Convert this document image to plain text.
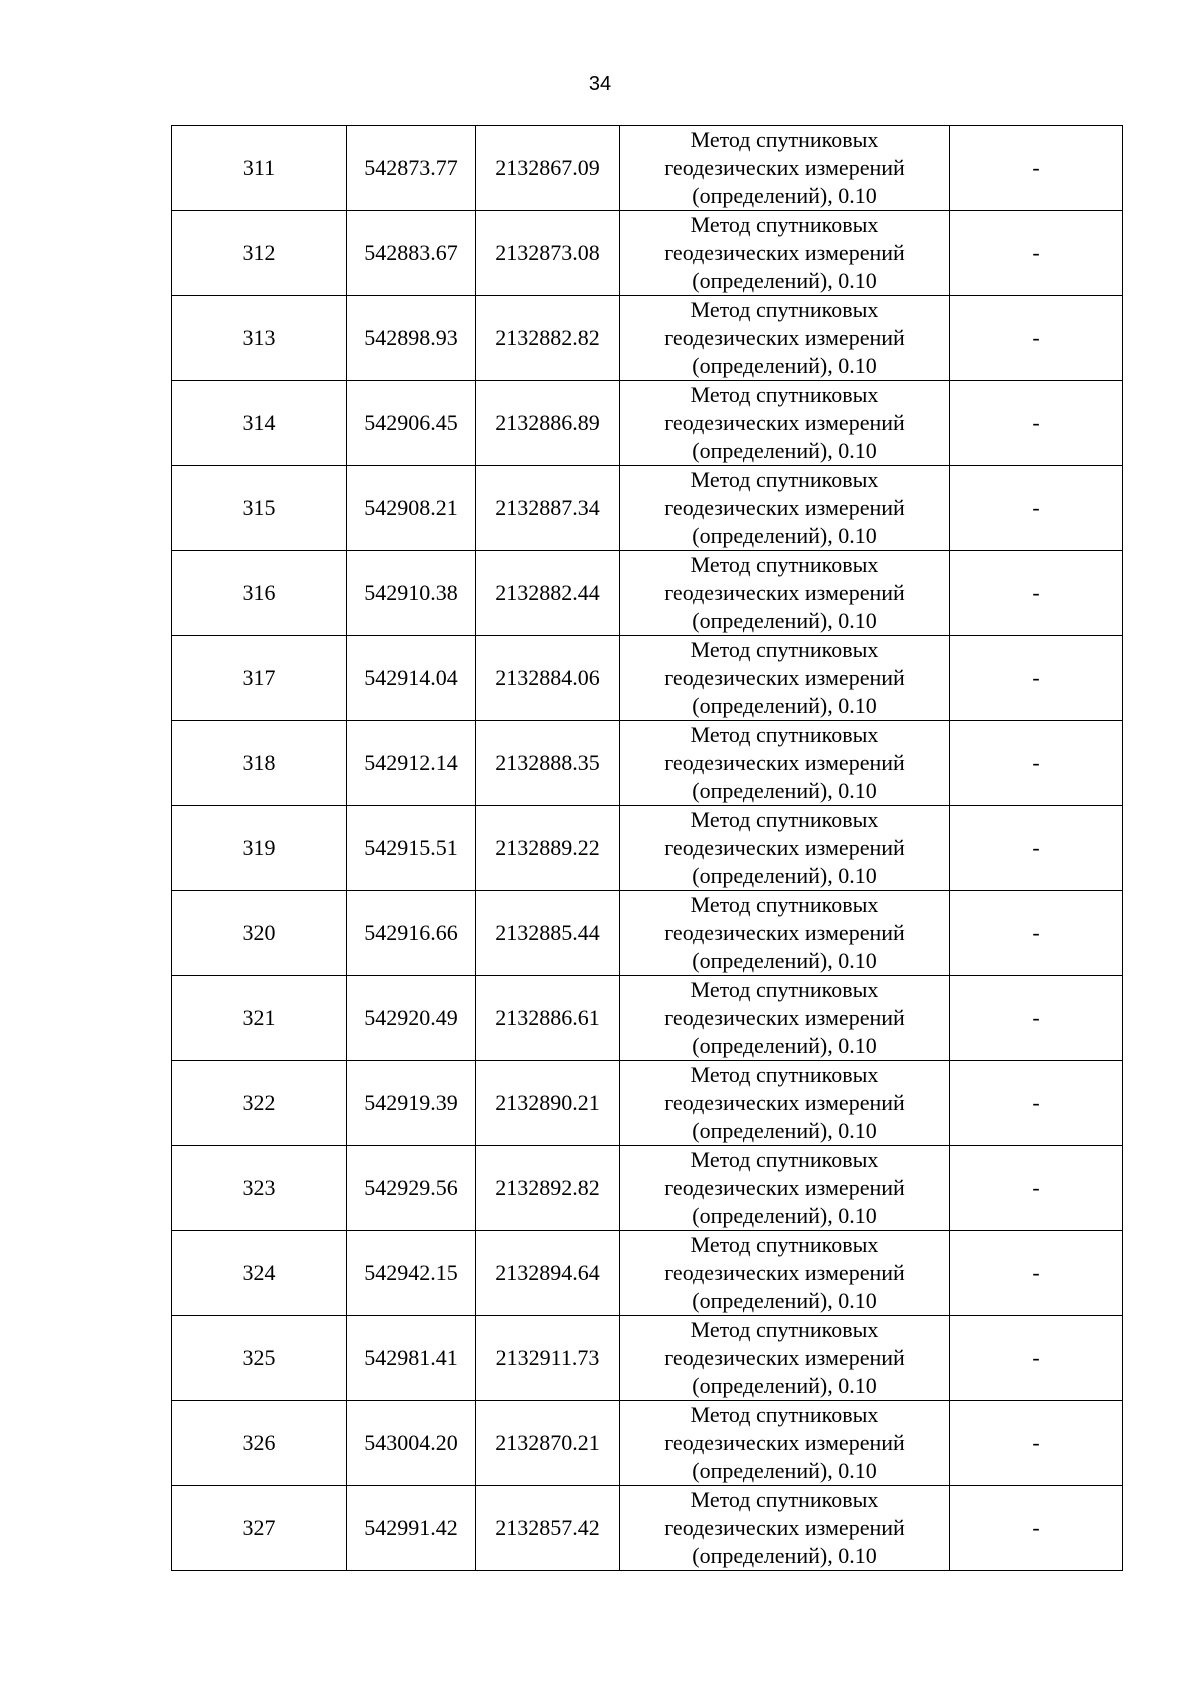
34
311	542873.77	2132867.09	Метод спутниковых
геодезических измерений
(определений), 0.10	-
312	542883.67	2132873.08	Метод спутниковых
геодезических измерений
(определений), 0.10	-
313	542898.93	2132882.82	Метод спутниковых
геодезических измерений
(определений), 0.10	-
314	542906.45	2132886.89	Метод спутниковых
геодезических измерений
(определений), 0.10	-
315	542908.21	2132887.34	Метод спутниковых
геодезических измерений
(определений), 0.10	-
316	542910.38	2132882.44	Метод спутниковых
геодезических измерений
(определений), 0.10	-
317	542914.04	2132884.06	Метод спутниковых
геодезических измерений
(определений), 0.10	-
318	542912.14	2132888.35	Метод спутниковых
геодезических измерений
(определений), 0.10	-
319	542915.51	2132889.22	Метод спутниковых
геодезических измерений
(определений), 0.10	-
320	542916.66	2132885.44	Метод спутниковых
геодезических измерений
(определений), 0.10	-
321	542920.49	2132886.61	Метод спутниковых
геодезических измерений
(определений), 0.10	-
322	542919.39	2132890.21	Метод спутниковых
геодезических измерений
(определений), 0.10	-
323	542929.56	2132892.82	Метод спутниковых
геодезических измерений
(определений), 0.10	-
324	542942.15	2132894.64	Метод спутниковых
геодезических измерений
(определений), 0.10	-
325	542981.41	2132911.73	Метод спутниковых
геодезических измерений
(определений), 0.10	-
326	543004.20	2132870.21	Метод спутниковых
геодезических измерений
(определений), 0.10	-
327	542991.42	2132857.42	Метод спутниковых
геодезических измерений
(определений), 0.10	-
